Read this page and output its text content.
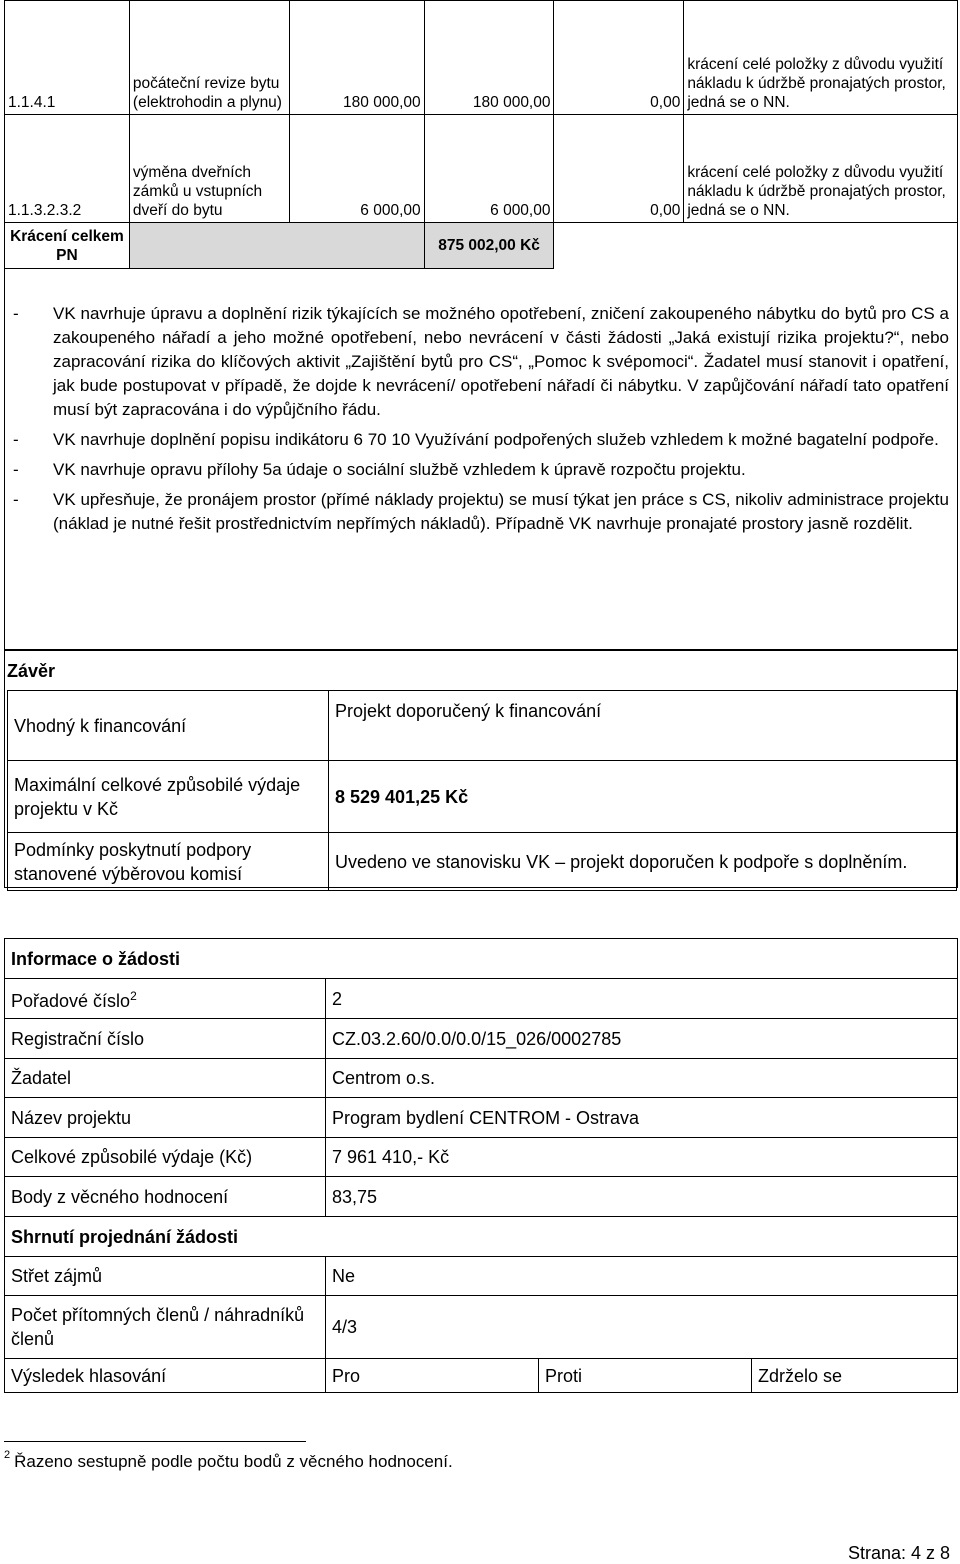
1.1.4.1	počáteční revize bytu (elektrohodin a plynu)	180 000,00	180 000,00	0,00	krácení celé položky z důvodu využití nákladu k údržbě pronajatých prostor, jedná se o NN.
1.1.3.2.3.2	výměna dveřních zámků u vstupních dveří do bytu	6 000,00	6 000,00	0,00	krácení celé položky z důvodu využití nákladu k údržbě pronajatých prostor, jedná se o NN.
Krácení celkem PN			875 002,00 Kč		
- VK navrhuje úpravu a doplnění rizik týkajících se možného opotřebení, zničení zakoupeného nábytku do bytů pro CS a zakoupeného nářadí a jeho možné opotřebení, nebo nevrácení v části žádosti „Jaká existují rizika projektu?“, nebo zapracování rizika do klíčových aktivit „Zajištění bytů pro CS“, „Pomoc k svépomoci“. Žadatel musí stanovit i opatření, jak bude postupovat v případě, že dojde k nevrácení/ opotřebení nářadí či nábytku. V zapůjčování nářadí tato opatření musí být zapracována i do výpůjčního řádu.
- VK navrhuje doplnění popisu indikátoru 6 70 10 Využívání podpořených služeb vzhledem k možné bagatelní podpoře.
- VK navrhuje opravu přílohy 5a údaje o sociální službě vzhledem k úpravě rozpočtu projektu.
- VK upřesňuje, že pronájem prostor (přímé náklady projektu) se musí týkat jen práce s CS, nikoliv administrace projektu (náklad je nutné řešit prostřednictvím nepřímých nákladů). Případně VK navrhuje pronajaté prostory jasně rozdělit.
Závěr
Vhodný k financování	Projekt doporučený k financování
Maximální celkové způsobilé výdaje projektu v Kč	8 529 401,25 Kč
Podmínky poskytnutí podpory stanovené výběrovou komisí	Uvedeno ve stanovisku VK – projekt doporučen k podpoře s doplněním.
Informace o žádosti			
Pořadové číslo$^2$	2		
Registrační číslo	CZ.03.2.60/0.0/0.0/15_026/0002785		
Žadatel	Centrom o.s.		
Název projektu	Program bydlení CENTROM - Ostrava		
Celkové způsobilé výdaje (Kč)	7 961 410,- Kč		
Body z věcného hodnocení	83,75		
Shrnutí projednání žádosti			
Střet zájmů	Ne		
Počet přítomných členů / náhradníků členů	4/3		
Výsledek hlasování	Pro	Proti	Zdrželo se
$^2$ Řazeno sestupně podle počtu bodů z věcného hodnocení.
Strana: 4 z 8
